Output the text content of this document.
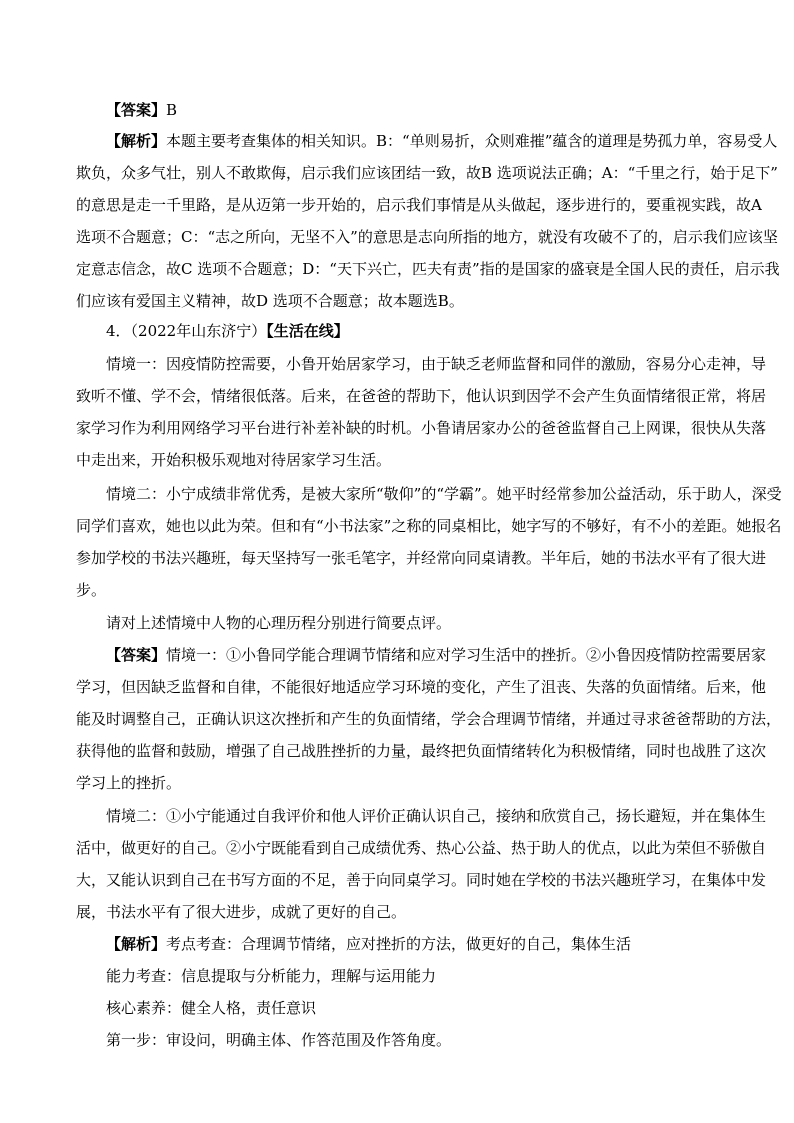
【答案】B
【解析】本题主要考查集体的相关知识。B：“单则易折，众则难摧”蕴含的道理是势孤力单，容易受人
欺负，众多气壮，别人不敢欺侮，启示我们应该团结一致，故B 选项说法正确；A：“千里之行，始于足下”
的意思是走一千里路，是从迈第一步开始的，启示我们事情是从头做起，逐步进行的，要重视实践，故A
选项不合题意；C：“志之所向，无坚不入”的意思是志向所指的地方，就没有攻破不了的，启示我们应该坚
定意志信念，故C 选项不合题意；D：“天下兴亡，匹夫有责”指的是国家的盛衰是全国人民的责任，启示我
们应该有爱国主义精神，故D 选项不合题意；故本题选B。
4．（2022年山东济宁）【生活在线】
情境一：因疫情防控需要，小鲁开始居家学习，由于缺乏老师监督和同伴的激励，容易分心走神，导
致听不懂、学不会，情绪很低落。后来，在爸爸的帮助下，他认识到因学不会产生负面情绪很正常，将居
家学习作为利用网络学习平台进行补差补缺的时机。小鲁请居家办公的爸爸监督自己上网课，很快从失落
中走出来，开始积极乐观地对待居家学习生活。
情境二：小宁成绩非常优秀，是被大家所“敬仰”的“学霸”。她平时经常参加公益活动，乐于助人，深受
同学们喜欢，她也以此为荣。但和有“小书法家”之称的同桌相比，她字写的不够好，有不小的差距。她报名
参加学校的书法兴趣班，每天坚持写一张毛笔字，并经常向同桌请教。半年后，她的书法水平有了很大进
步。
请对上述情境中人物的心理历程分别进行简要点评。
【答案】情境一：①小鲁同学能合理调节情绪和应对学习生活中的挫折。②小鲁因疫情防控需要居家
学习，但因缺乏监督和自律，不能很好地适应学习环境的变化，产生了沮丧、失落的负面情绪。后来，他
能及时调整自己，正确认识这次挫折和产生的负面情绪，学会合理调节情绪，并通过寻求爸爸帮助的方法，
获得他的监督和鼓励，增强了自己战胜挫折的力量，最终把负面情绪转化为积极情绪，同时也战胜了这次
学习上的挫折。
情境二：①小宁能通过自我评价和他人评价正确认识自己，接纳和欣赏自己，扬长避短，并在集体生
活中，做更好的自己。②小宁既能看到自己成绩优秀、热心公益、热于助人的优点，以此为荣但不骄傲自
大，又能认识到自己在书写方面的不足，善于向同桌学习。同时她在学校的书法兴趣班学习，在集体中发
展，书法水平有了很大进步，成就了更好的自己。
【解析】考点考查：合理调节情绪，应对挫折的方法，做更好的自己，集体生活
能力考查：信息提取与分析能力，理解与运用能力
核心素养：健全人格，责任意识
第一步：审设问，明确主体、作答范围及作答角度。
